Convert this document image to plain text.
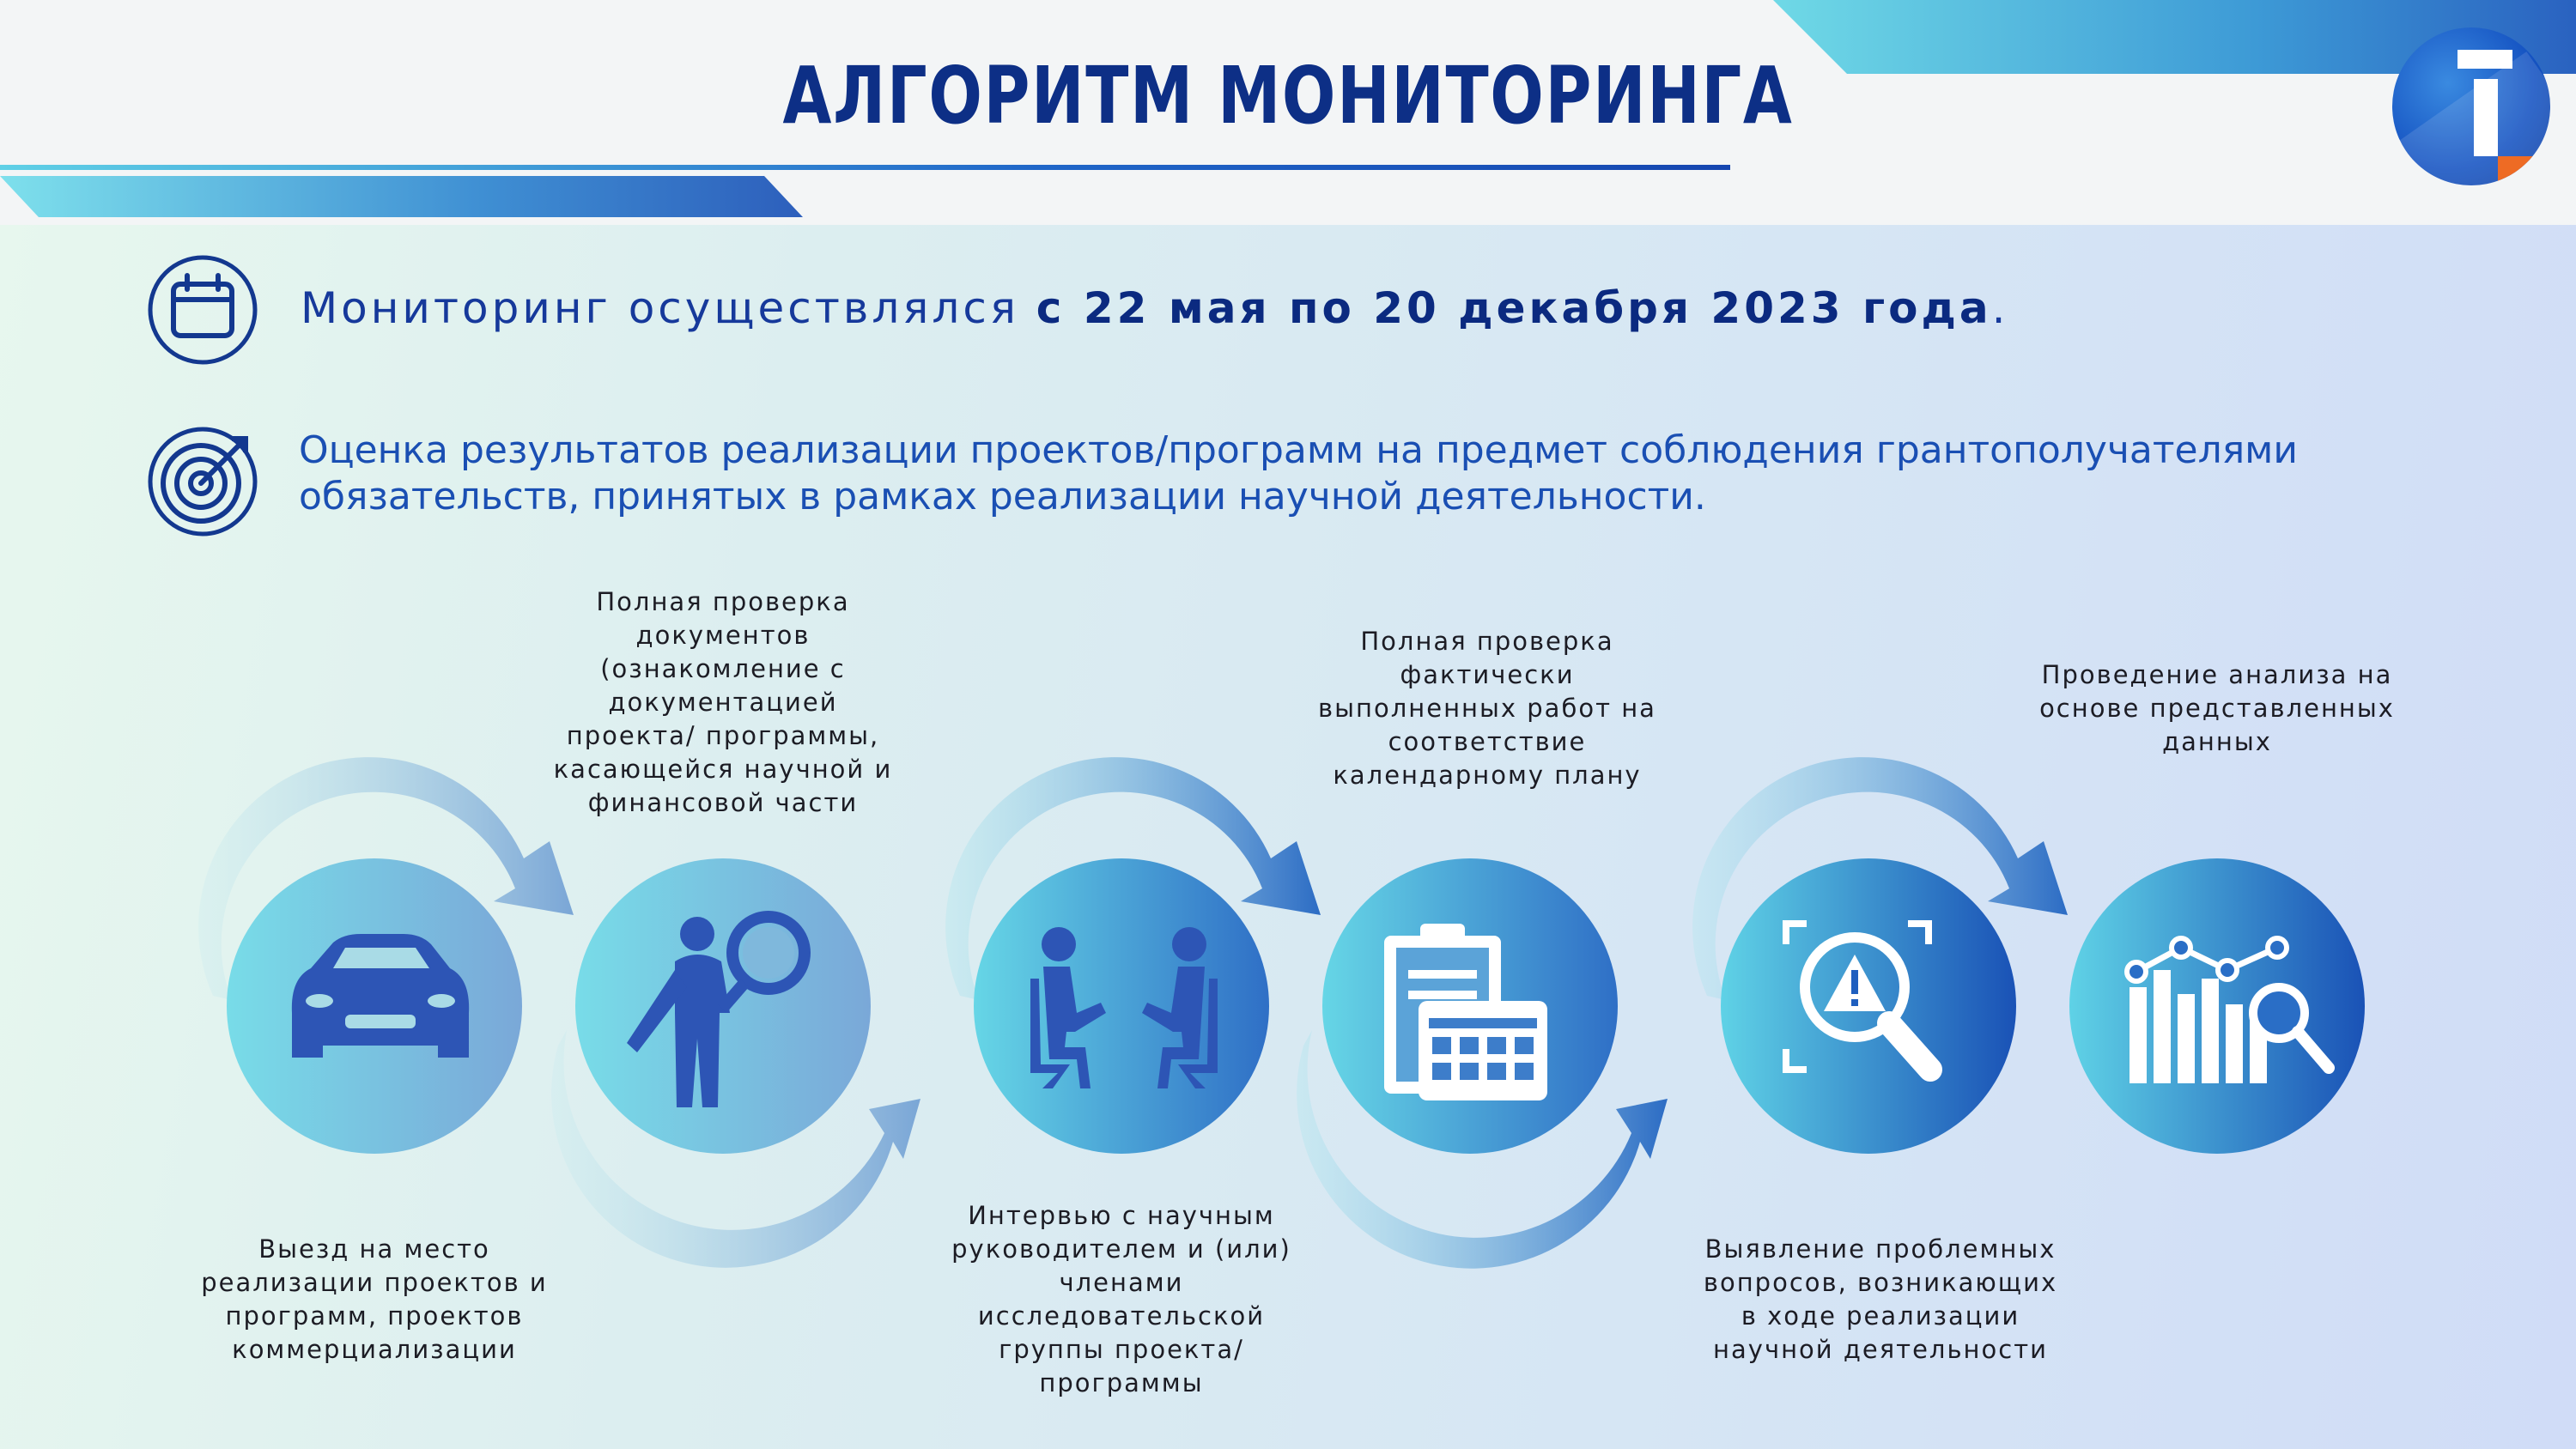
АЛГОРИТМ МОНИТОРИНГА
Мониторинг осуществлялся с 22 мая по 20 декабря 2023 года.
Оценка результатов реализации проектов/программ на предмет соблюдения грантополучателями обязательств, принятых в рамках реализации научной деятельности.
Выезд на место реализации проектов и программ, проектов коммерциализации
Полная проверка документов (ознакомление с документацией проекта/ программы, касающейся научной и финансовой части
Интервью с научным руководителем и (или) членами исследовательской группы проекта/ программы
Полная проверка фактически выполненных работ на соответствие календарному плану
Выявление проблемных вопросов, возникающих в ходе реализации научной деятельности
Проведение анализа на основе представленных данных
